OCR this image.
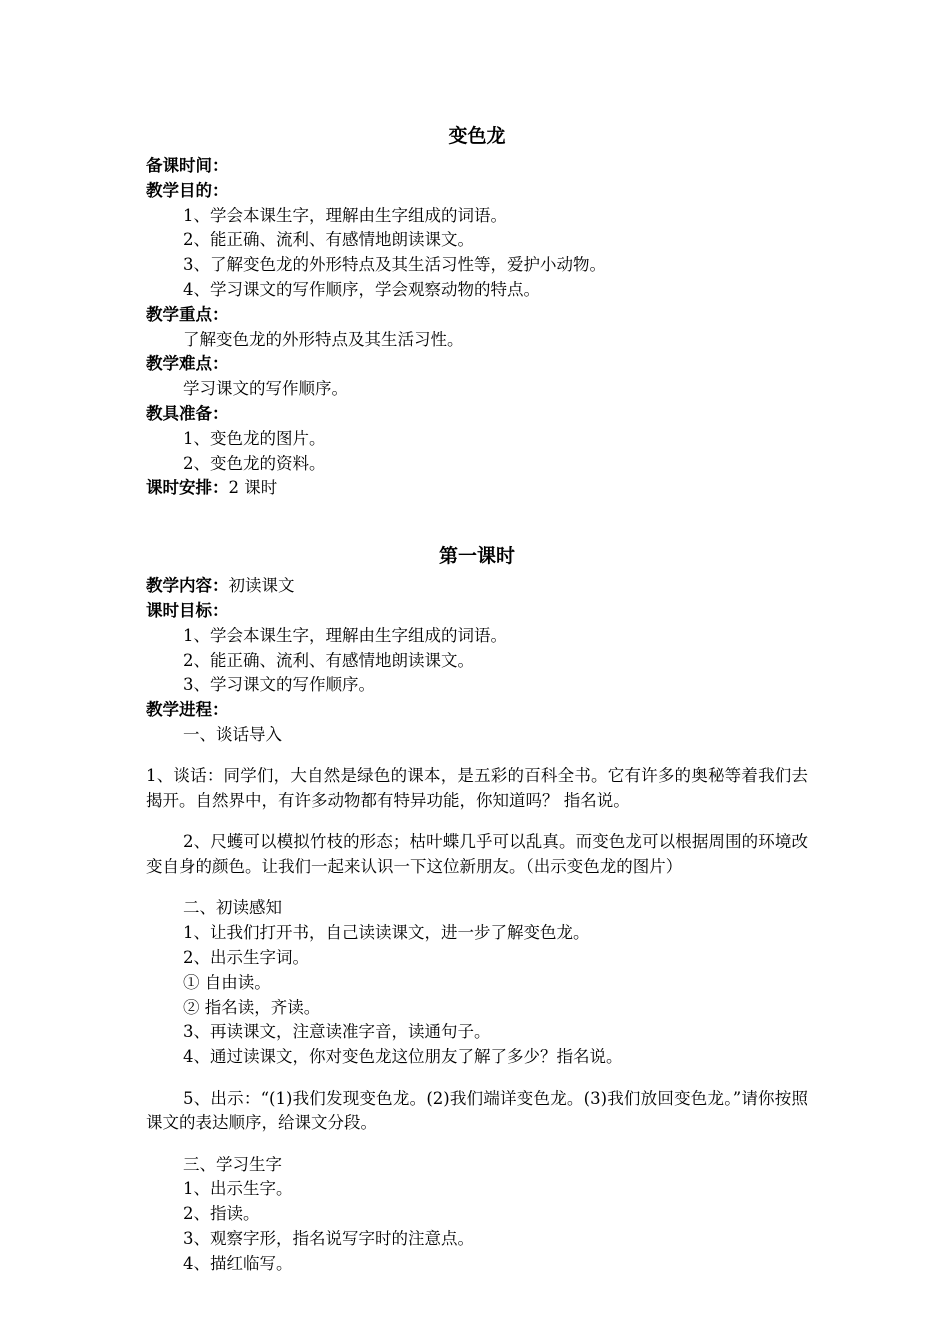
变色龙

备课时间：

教学目的：

1、学会本课生字，理解由生字组成的词语。

2、能正确、流利、有感情地朗读课文。

3、了解变色龙的外形特点及其生活习性等，爱护小动物。

4、学习课文的写作顺序，学会观察动物的特点。

教学重点：

了解变色龙的外形特点及其生活习性。

教学难点：

学习课文的写作顺序。

教具准备：

1、变色龙的图片。

2、变色龙的资料。

课时安排：2 课时

第一课时

教学内容：初读课文

课时目标：

1、学会本课生字，理解由生字组成的词语。

2、能正确、流利、有感情地朗读课文。

3、学习课文的写作顺序。

教学进程：

一、谈话导入

1、谈话：同学们，大自然是绿色的课本，是五彩的百科全书。它有许多的奥秘等着我们去揭开。自然界中，有许多动物都有特异功能，你知道吗？ 指名说。

2、尺蠖可以模拟竹枝的形态；枯叶蝶几乎可以乱真。而变色龙可以根据周围的环境改变自身的颜色。让我们一起来认识一下这位新朋友。（出示变色龙的图片）

二、初读感知

1、让我们打开书，自己读读课文，进一步了解变色龙。

2、出示生字词。

① 自由读。

② 指名读，齐读。

3、再读课文，注意读准字音，读通句子。

4、通过读课文，你对变色龙这位朋友了解了多少？指名说。

5、出示：“(1)我们发现变色龙。(2)我们端详变色龙。(3)我们放回变色龙。”请你按照课文的表达顺序，给课文分段。

三、学习生字

1、出示生字。

2、指读。

3、观察字形，指名说写字时的注意点。

4、描红临写。
